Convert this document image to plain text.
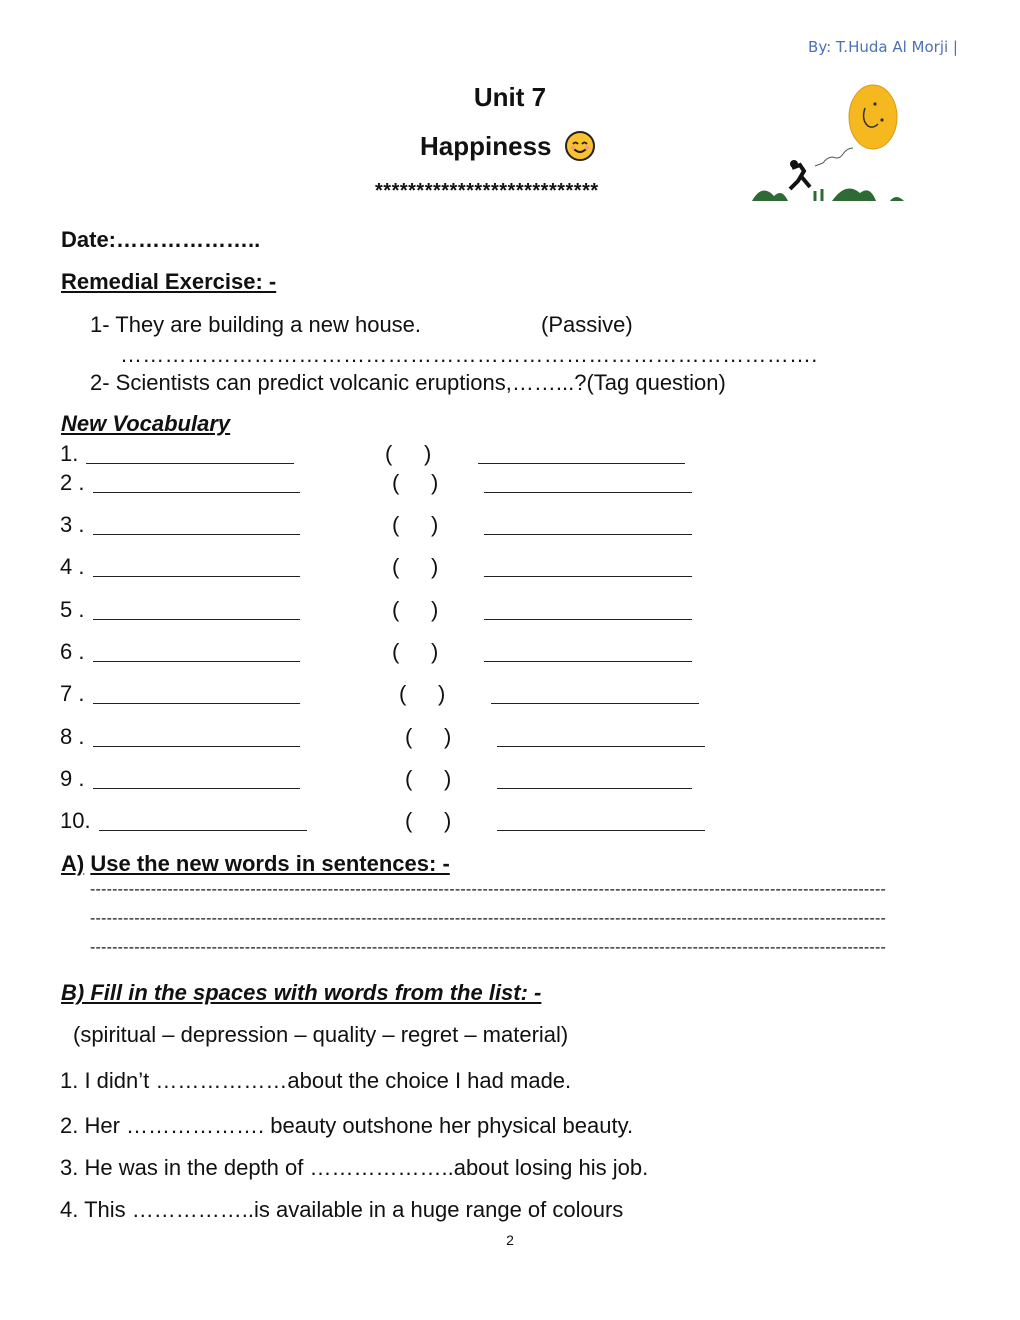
By: T.Huda Al Morji |
Unit 7
Happiness
***************************
Date:………………..
Remedial Exercise: -
1- They are building a new house.	(Passive)
………………………………………………………………………………….
2- Scientists can predict volcanic eruptions,……...?(Tag question)
New Vocabulary
1.	( )
2 .	( )
3 .	( )
4 .	( )
5 .	( )
6 .	( )
7 .	( )
8 .	( )
9 .	( )
10.	( )
A) Use the new words in sentences: -
------------------------------------------------------------------------------------------------------------------------------------------------
------------------------------------------------------------------------------------------------------------------------------------------------
------------------------------------------------------------------------------------------------------------------------------------------------
B) Fill in the spaces with words from the list: -
(spiritual – depression – quality – regret – material)
1. I didn’t ………………about the choice I had made.
2. Her ………………. beauty outshone her physical beauty.
3. He was in the depth of ………………..about losing his job.
4. This ……………..is available in a huge range of colours
2
